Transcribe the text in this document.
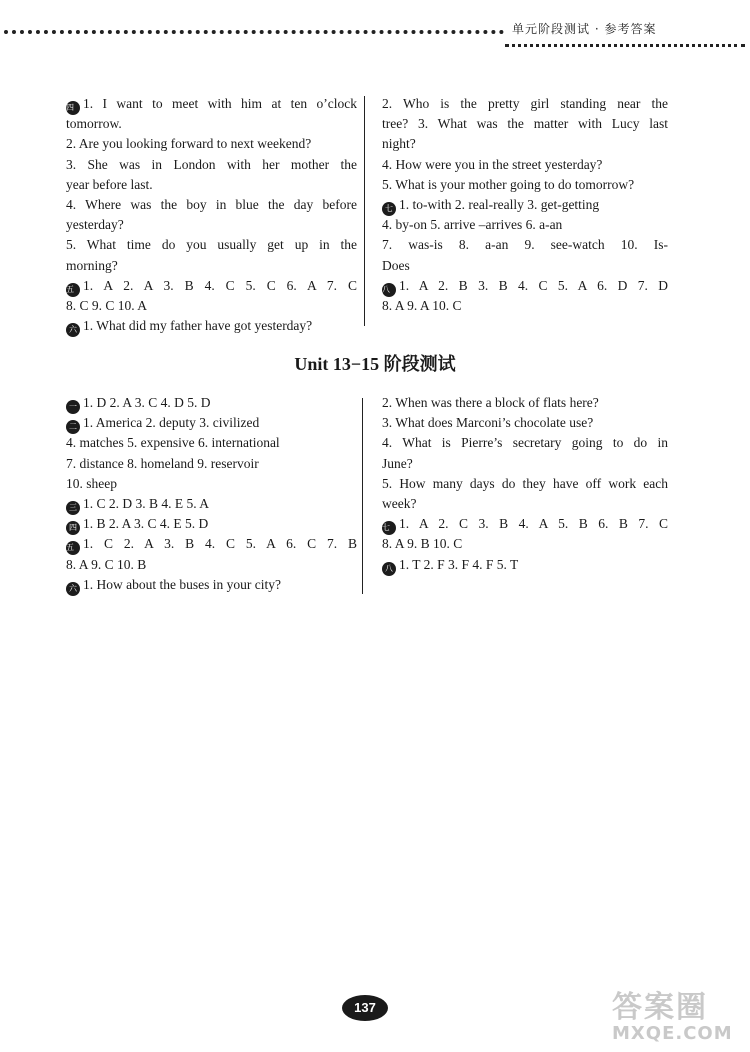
单元阶段测试 · 参考答案
四 1. I want to meet with him at ten o’clock
tomorrow.
2. Are you looking forward to next weekend?
3. She was in London with her mother the
year before last.
4. Where was the boy in blue the day before
yesterday?
5. What time do you usually get up in the
morning?
五 1. A 2. A 3. B 4. C 5. C 6. A 7. C
8. C 9. C 10. A
六 1. What did my father have got yesterday?
2. Who is the pretty girl standing near the
tree? 3. What was the matter with Lucy last
night?
4. How were you in the street yesterday?
5. What is your mother going to do tomorrow?
七 1. to-with 2. real-really 3. get-getting
4. by-on 5. arrive –arrives 6. a-an
7. was-is 8. a-an 9. see-watch 10. Is-
Does
八 1. A 2. B 3. B 4. C 5. A 6. D 7. D
8. A 9. A 10. C
Unit 13−15 阶段测试
一 1. D 2. A 3. C 4. D 5. D
二 1. America 2. deputy 3. civilized
4. matches 5. expensive 6. international
7. distance 8. homeland 9. reservoir
10. sheep
三 1. C 2. D 3. B 4. E 5. A
四 1. B 2. A 3. C 4. E 5. D
五 1. C 2. A 3. B 4. C 5. A 6. C 7. B
8. A 9. C 10. B
六 1. How about the buses in your city?
2. When was there a block of flats here?
3. What does Marconi’s chocolate use?
4. What is Pierre’s secretary going to do in
June?
5. How many days do they have off work each
week?
七 1. A 2. C 3. B 4. A 5. B 6. B 7. C
8. A 9. B 10. C
八 1. T 2. F 3. F 4. F 5. T
137	答案圈
MXQE.COM
